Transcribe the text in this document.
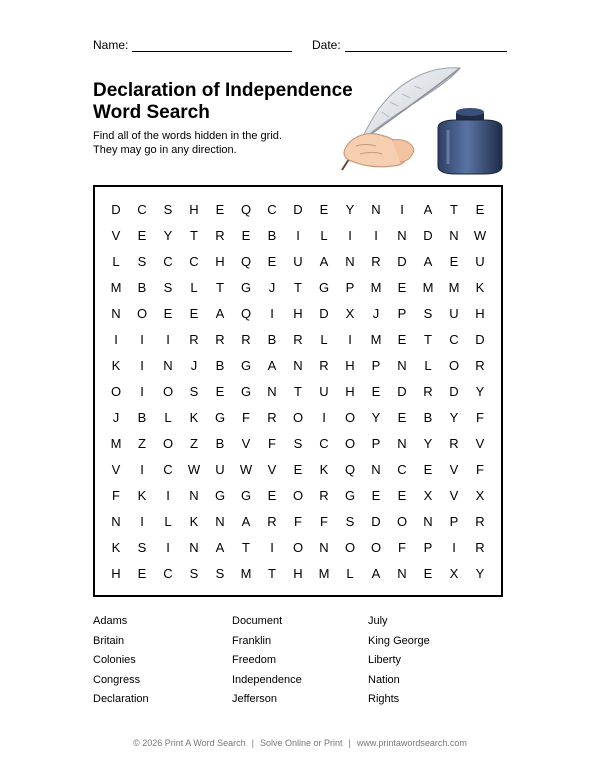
Name:	Date:
Declaration of Independence Word Search
Find all of the words hidden in the grid.
They may go in any direction.
D C S H E Q C D E Y N I A T E
V E Y T R E B I L I I N D N W
L S C C H Q E U A N R D A E U
M B S L T G J T G P M E M M K
N O E E A Q I H D X J P S U H
I I I R R R B R L I M E T C D
K I N J B G A N R H P N L O R
O I O S E G N T U H E D R D Y
J B L K G F R O I O Y E B Y F
M Z O Z B V F S C O P N Y R V
V I C W U W V E K Q N C E V F
F K I N G G E O R G E E X V X
N I L K N A R F F S D O N P R
K S I N A T I O N O O F P I R
H E C S S M T H M L A N E X Y
Adams
Britain
Colonies
Congress
Declaration
Document
Franklin
Freedom
Independence
Jefferson
July
King George
Liberty
Nation
Rights
© 2026 Print A Word Search | Solve Online or Print | www.printawordsearch.com
